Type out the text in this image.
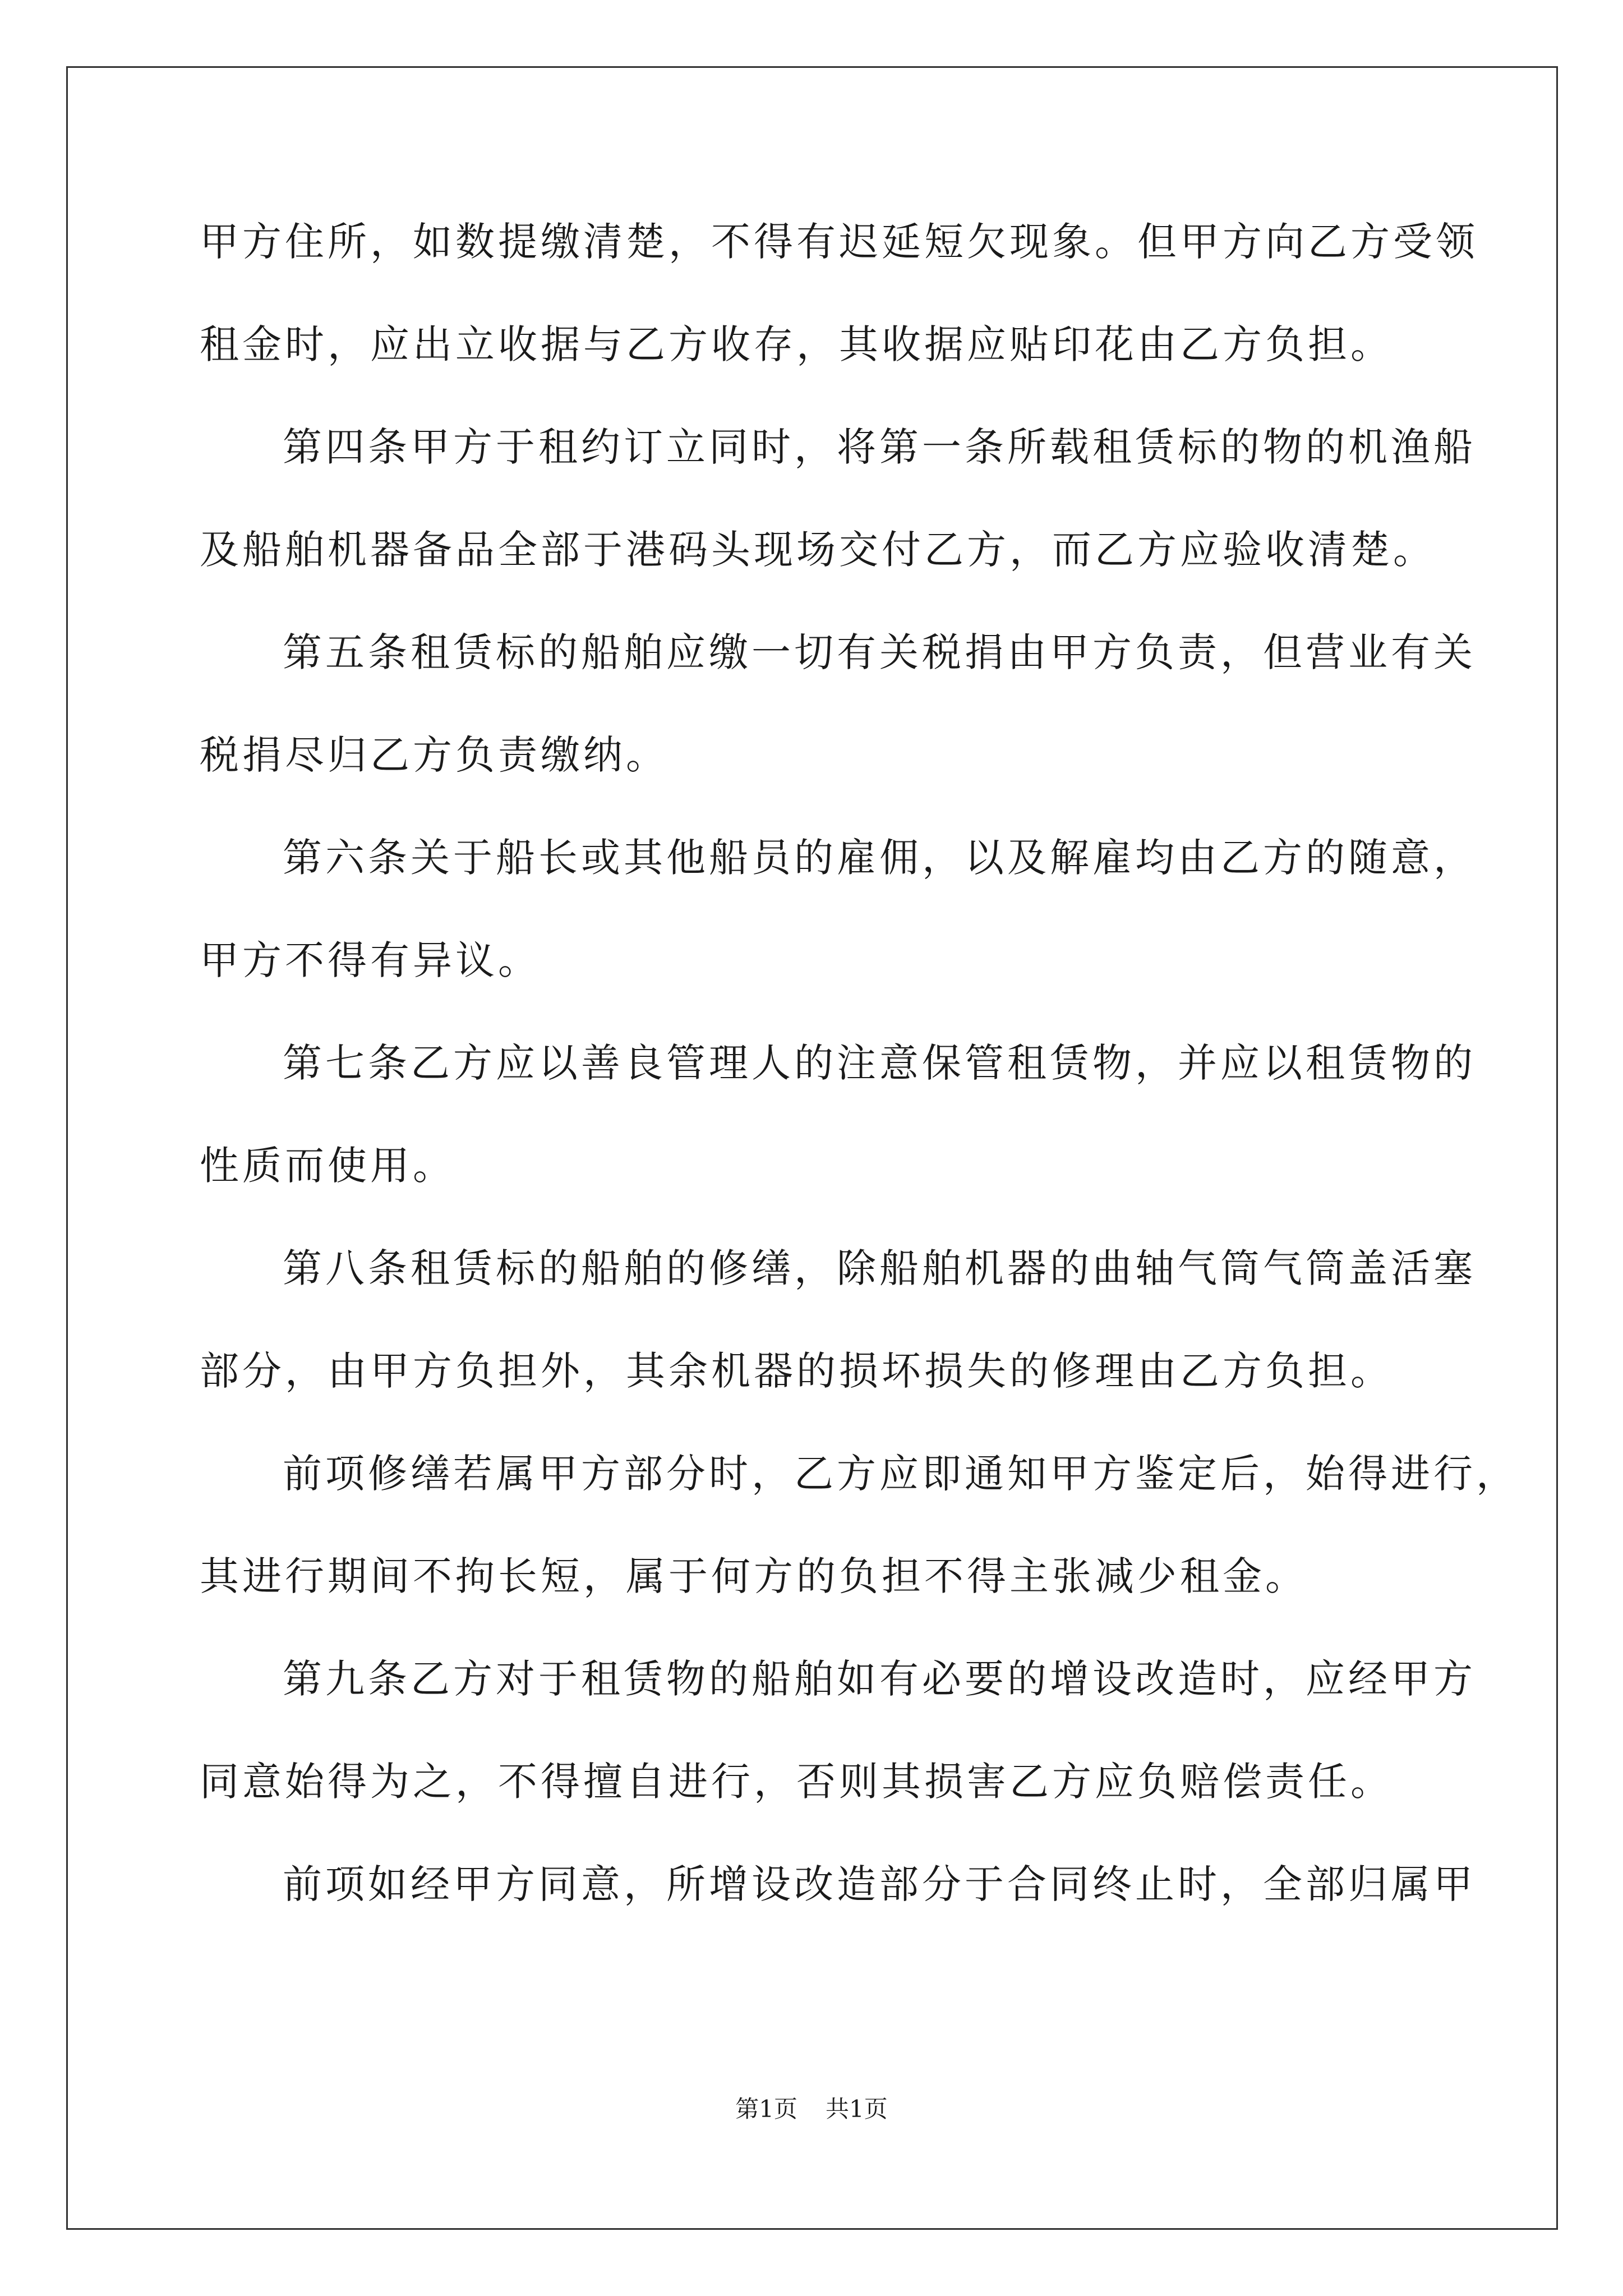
甲方住所，如数提缴清楚，不得有迟延短欠现象。但甲方向乙方受领
租金时，应出立收据与乙方收存，其收据应贴印花由乙方负担。
第四条甲方于租约订立同时，将第一条所载租赁标的物的机渔船
及船舶机器备品全部于港码头现场交付乙方，而乙方应验收清楚。
第五条租赁标的船舶应缴一切有关税捐由甲方负责，但营业有关
税捐尽归乙方负责缴纳。
第六条关于船长或其他船员的雇佣，以及解雇均由乙方的随意，
甲方不得有异议。
第七条乙方应以善良管理人的注意保管租赁物，并应以租赁物的
性质而使用。
第八条租赁标的船舶的修缮，除船舶机器的曲轴气筒气筒盖活塞
部分，由甲方负担外，其余机器的损坏损失的修理由乙方负担。
前项修缮若属甲方部分时，乙方应即通知甲方鉴定后，始得进行，
其进行期间不拘长短，属于何方的负担不得主张减少租金。
第九条乙方对于租赁物的船舶如有必要的增设改造时，应经甲方
同意始得为之，不得擅自进行，否则其损害乙方应负赔偿责任。
前项如经甲方同意，所增设改造部分于合同终止时，全部归属甲
第1页 共1页
